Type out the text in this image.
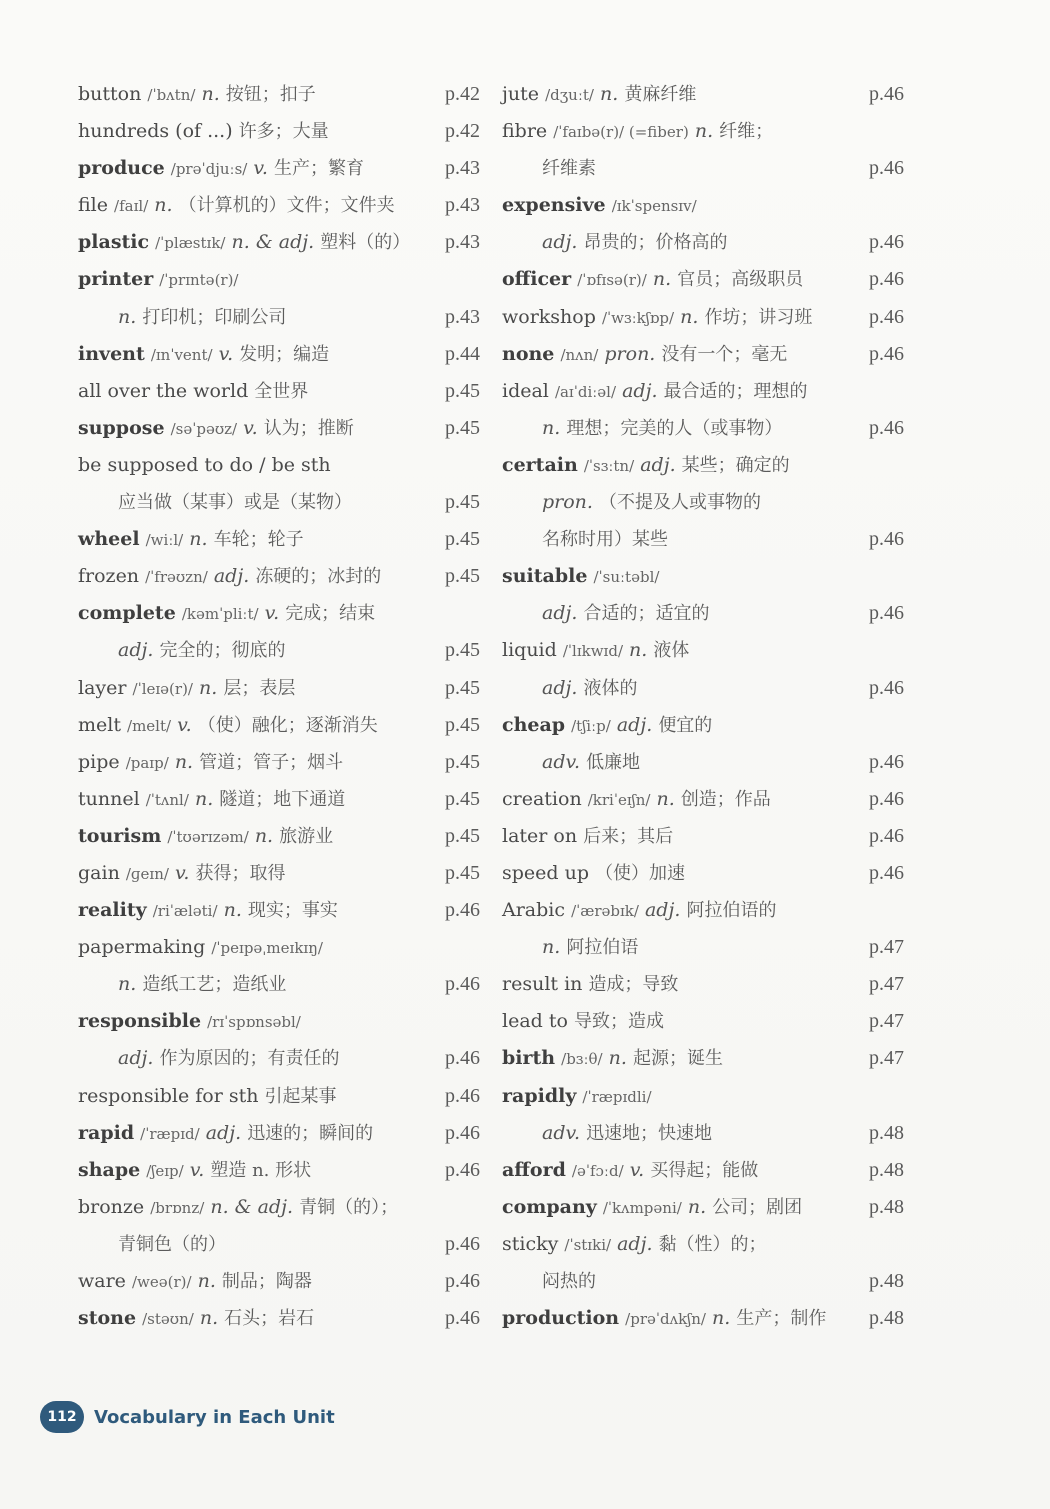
button /ˈbʌtn/ n. 按钮；扣子	p.42
hundreds (of ...) 许多；大量	p.42
produce /prəˈdjuːs/ v. 生产；繁育	p.43
file /faɪl/ n. （计算机的）文件；文件夹	p.43
plastic /ˈplæstɪk/ n. & adj. 塑料（的） p.43
printer /ˈprɪntə(r)/
n. 打印机；印刷公司	p.43
invent /ɪnˈvent/ v. 发明；编造	p.44
all over the world 全世界	p.45
suppose /səˈpəʊz/ v. 认为；推断	p.45
be supposed to do / be sth
应当做（某事）或是（某物）	p.45
wheel /wiːl/ n. 车轮；轮子	p.45
frozen /ˈfrəʊzn/ adj. 冻硬的；冰封的	p.45
complete /kəmˈpliːt/ v. 完成；结束
adj. 完全的；彻底的	p.45
layer /ˈleɪə(r)/ n. 层；表层	p.45
melt /melt/ v. （使）融化；逐渐消失	p.45
pipe /paɪp/ n. 管道；管子；烟斗	p.45
tunnel /ˈtʌnl/ n. 隧道；地下通道	p.45
tourism /ˈtʊərɪzəm/ n. 旅游业	p.45
gain /ɡeɪn/ v. 获得；取得	p.45
reality /riˈæləti/ n. 现实；事实	p.46
papermaking /ˈpeɪpəˌmeɪkɪŋ/
n. 造纸工艺；造纸业	p.46
responsible /rɪˈspɒnsəbl/
adj. 作为原因的；有责任的	p.46
responsible for sth 引起某事	p.46
rapid /ˈræpɪd/ adj. 迅速的；瞬间的	p.46
shape /ʃeɪp/ v. 塑造 n. 形状	p.46
bronze /brɒnz/ n. & adj. 青铜（的）；
青铜色（的）	p.46
ware /weə(r)/ n. 制品；陶器	p.46
stone /stəʊn/ n. 石头；岩石	p.46
jute /dʒuːt/ n. 黄麻纤维	p.46
fibre /ˈfaɪbə(r)/ (=fiber) n. 纤维；
纤维素	p.46
expensive /ɪkˈspensɪv/
adj. 昂贵的；价格高的	p.46
officer /ˈɒfɪsə(r)/ n. 官员；高级职员	p.46
workshop /ˈwɜːkʃɒp/ n. 作坊；讲习班	p.46
none /nʌn/ pron. 没有一个；毫无	p.46
ideal /aɪˈdiːəl/ adj. 最合适的；理想的
n. 理想；完美的人（或事物）	p.46
certain /ˈsɜːtn/ adj. 某些；确定的
pron. （不提及人或事物的
名称时用）某些	p.46
suitable /ˈsuːtəbl/
adj. 合适的；适宜的	p.46
liquid /ˈlɪkwɪd/ n. 液体
adj. 液体的	p.46
cheap /tʃiːp/ adj. 便宜的
adv. 低廉地	p.46
creation /kriˈeɪʃn/ n. 创造；作品	p.46
later on 后来；其后	p.46
speed up （使）加速	p.46
Arabic /ˈærəbɪk/ adj. 阿拉伯语的
n. 阿拉伯语	p.47
result in 造成；导致	p.47
lead to 导致；造成	p.47
birth /bɜːθ/ n. 起源；诞生	p.47
rapidly /ˈræpɪdli/
adv. 迅速地；快速地	p.48
afford /əˈfɔːd/ v. 买得起；能做	p.48
company /ˈkʌmpəni/ n. 公司；剧团	p.48
sticky /ˈstɪki/ adj. 黏（性）的；
闷热的	p.48
production /prəˈdʌkʃn/ n. 生产；制作 p.48
112 Vocabulary in Each Unit
